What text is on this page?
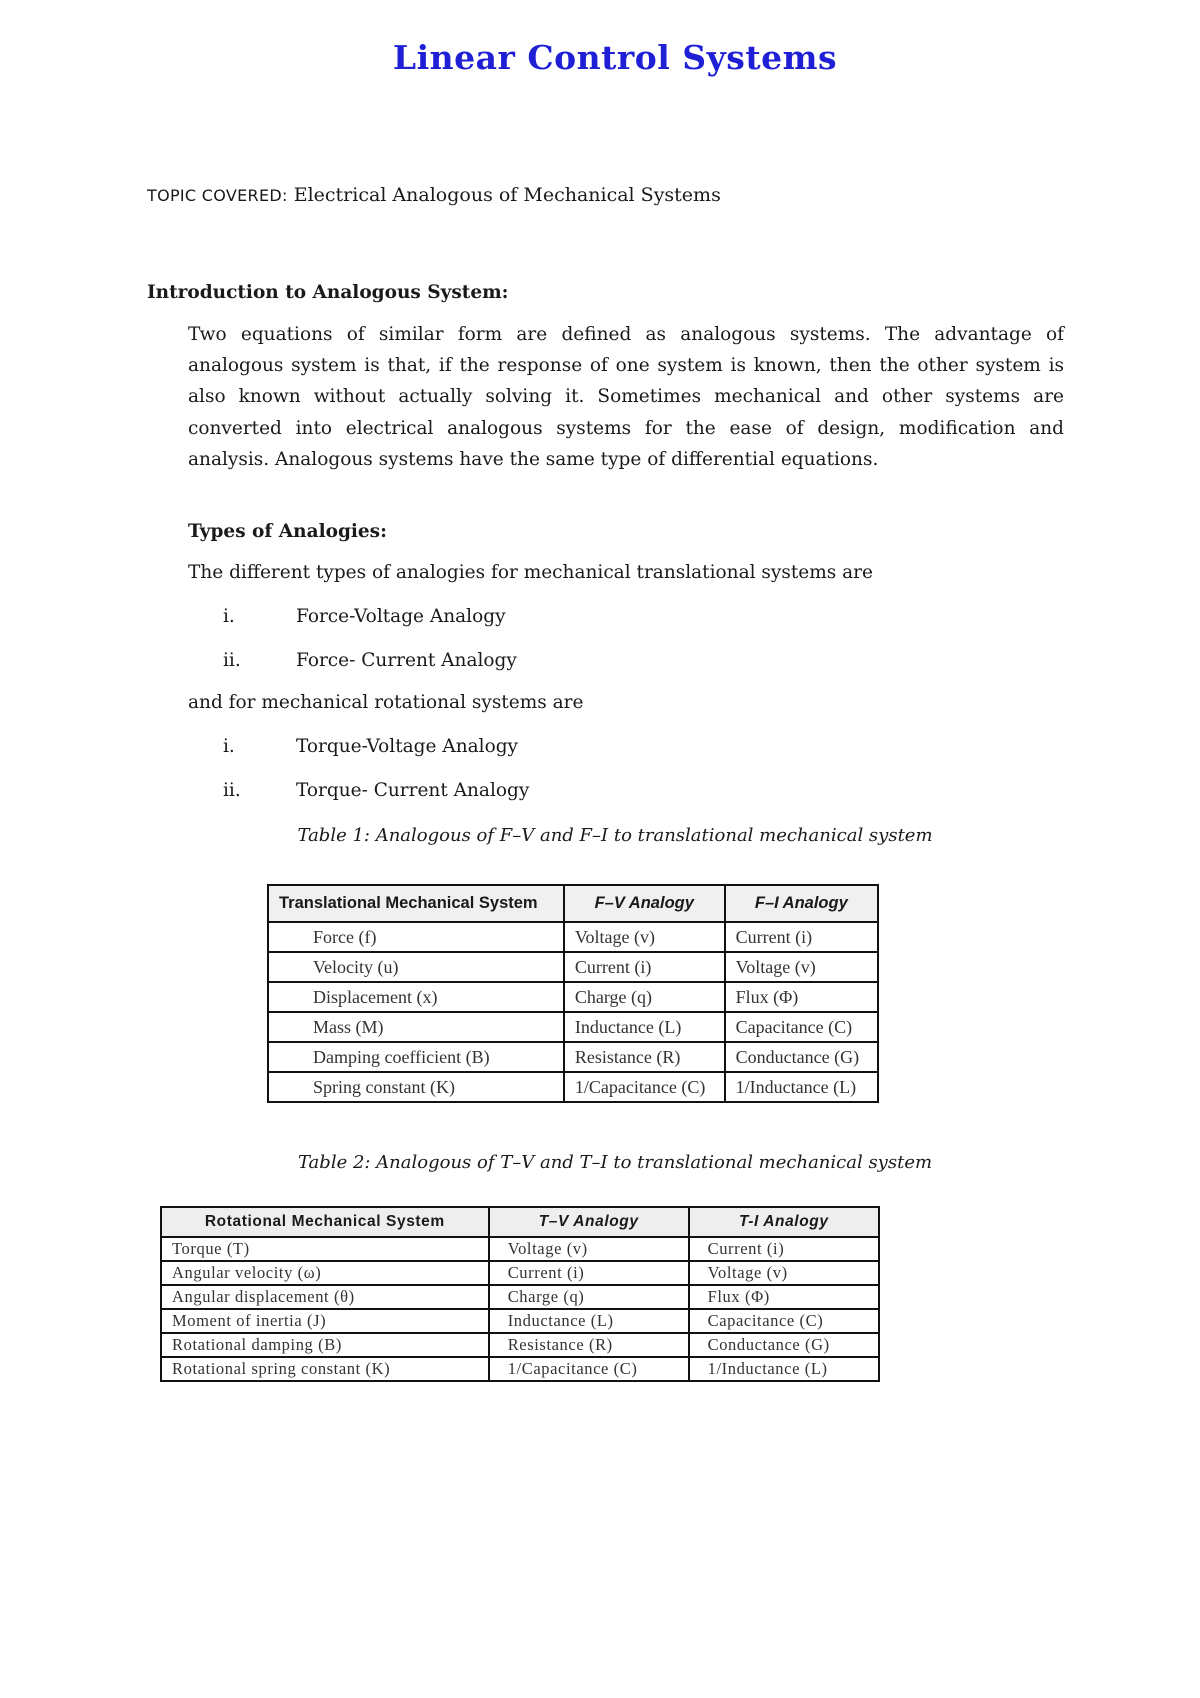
Linear Control Systems
TOPIC COVERED: Electrical Analogous of Mechanical Systems
Introduction to Analogous System:
Two equations of similar form are defined as analogous systems. The advantage of analogous system is that, if the response of one system is known, then the other system is also known without actually solving it. Sometimes mechanical and other systems are converted into electrical analogous systems for the ease of design, modification and analysis. Analogous systems have the same type of differential equations.
Types of Analogies:
The different types of analogies for mechanical translational systems are
i.	Force-Voltage Analogy
ii.	Force- Current Analogy
and for mechanical rotational systems are
i.	Torque-Voltage Analogy
ii.	Torque- Current Analogy
Table 1: Analogous of F–V and F–I to translational mechanical system
Translational Mechanical System	F–V Analogy	F–I Analogy
Force (f)	Voltage (v)	Current (i)
Velocity (u)	Current (i)	Voltage (v)
Displacement (x)	Charge (q)	Flux (Φ)
Mass (M)	Inductance (L)	Capacitance (C)
Damping coefficient (B)	Resistance (R)	Conductance (G)
Spring constant (K)	1/Capacitance (C)	1/Inductance (L)
Table 2: Analogous of T–V and T–I to translational mechanical system
Rotational Mechanical System	T–V Analogy	T-I Analogy
Torque (T)	Voltage (v)	Current (i)
Angular velocity (ω)	Current (i)	Voltage (v)
Angular displacement (θ)	Charge (q)	Flux (Φ)
Moment of inertia (J)	Inductance (L)	Capacitance (C)
Rotational damping (B)	Resistance (R)	Conductance (G)
Rotational spring constant (K)	1/Capacitance (C)	1/Inductance (L)
